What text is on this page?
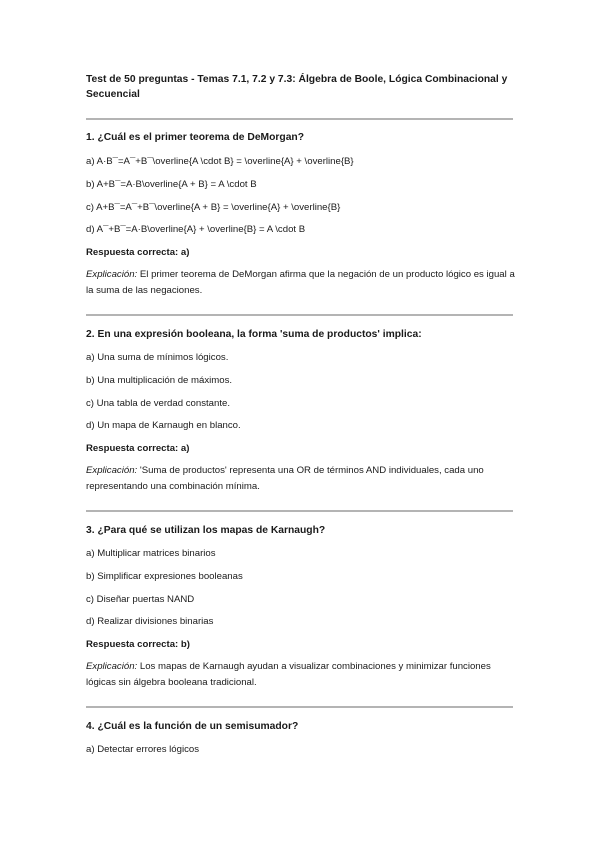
Test de 50 preguntas - Temas 7.1, 7.2 y 7.3: Álgebra de Boole, Lógica Combinacional y Secuencial
1. ¿Cuál es el primer teorema de DeMorgan?
a) A·B¯=A¯+B¯\overline{A \cdot B} = \overline{A} + \overline{B}
b) A+B¯=A·B\overline{A + B} = A \cdot B
c) A+B¯=A¯+B¯\overline{A + B} = \overline{A} + \overline{B}
d) A¯+B¯=A·B\overline{A} + \overline{B} = A \cdot B
Respuesta correcta: a)
Explicación: El primer teorema de DeMorgan afirma que la negación de un producto lógico es igual a la suma de las negaciones.
2. En una expresión booleana, la forma 'suma de productos' implica:
a) Una suma de mínimos lógicos.
b) Una multiplicación de máximos.
c) Una tabla de verdad constante.
d) Un mapa de Karnaugh en blanco.
Respuesta correcta: a)
Explicación: 'Suma de productos' representa una OR de términos AND individuales, cada uno representando una combinación mínima.
3. ¿Para qué se utilizan los mapas de Karnaugh?
a) Multiplicar matrices binarios
b) Simplificar expresiones booleanas
c) Diseñar puertas NAND
d) Realizar divisiones binarias
Respuesta correcta: b)
Explicación: Los mapas de Karnaugh ayudan a visualizar combinaciones y minimizar funciones lógicas sin álgebra booleana tradicional.
4. ¿Cuál es la función de un semisumador?
a) Detectar errores lógicos
